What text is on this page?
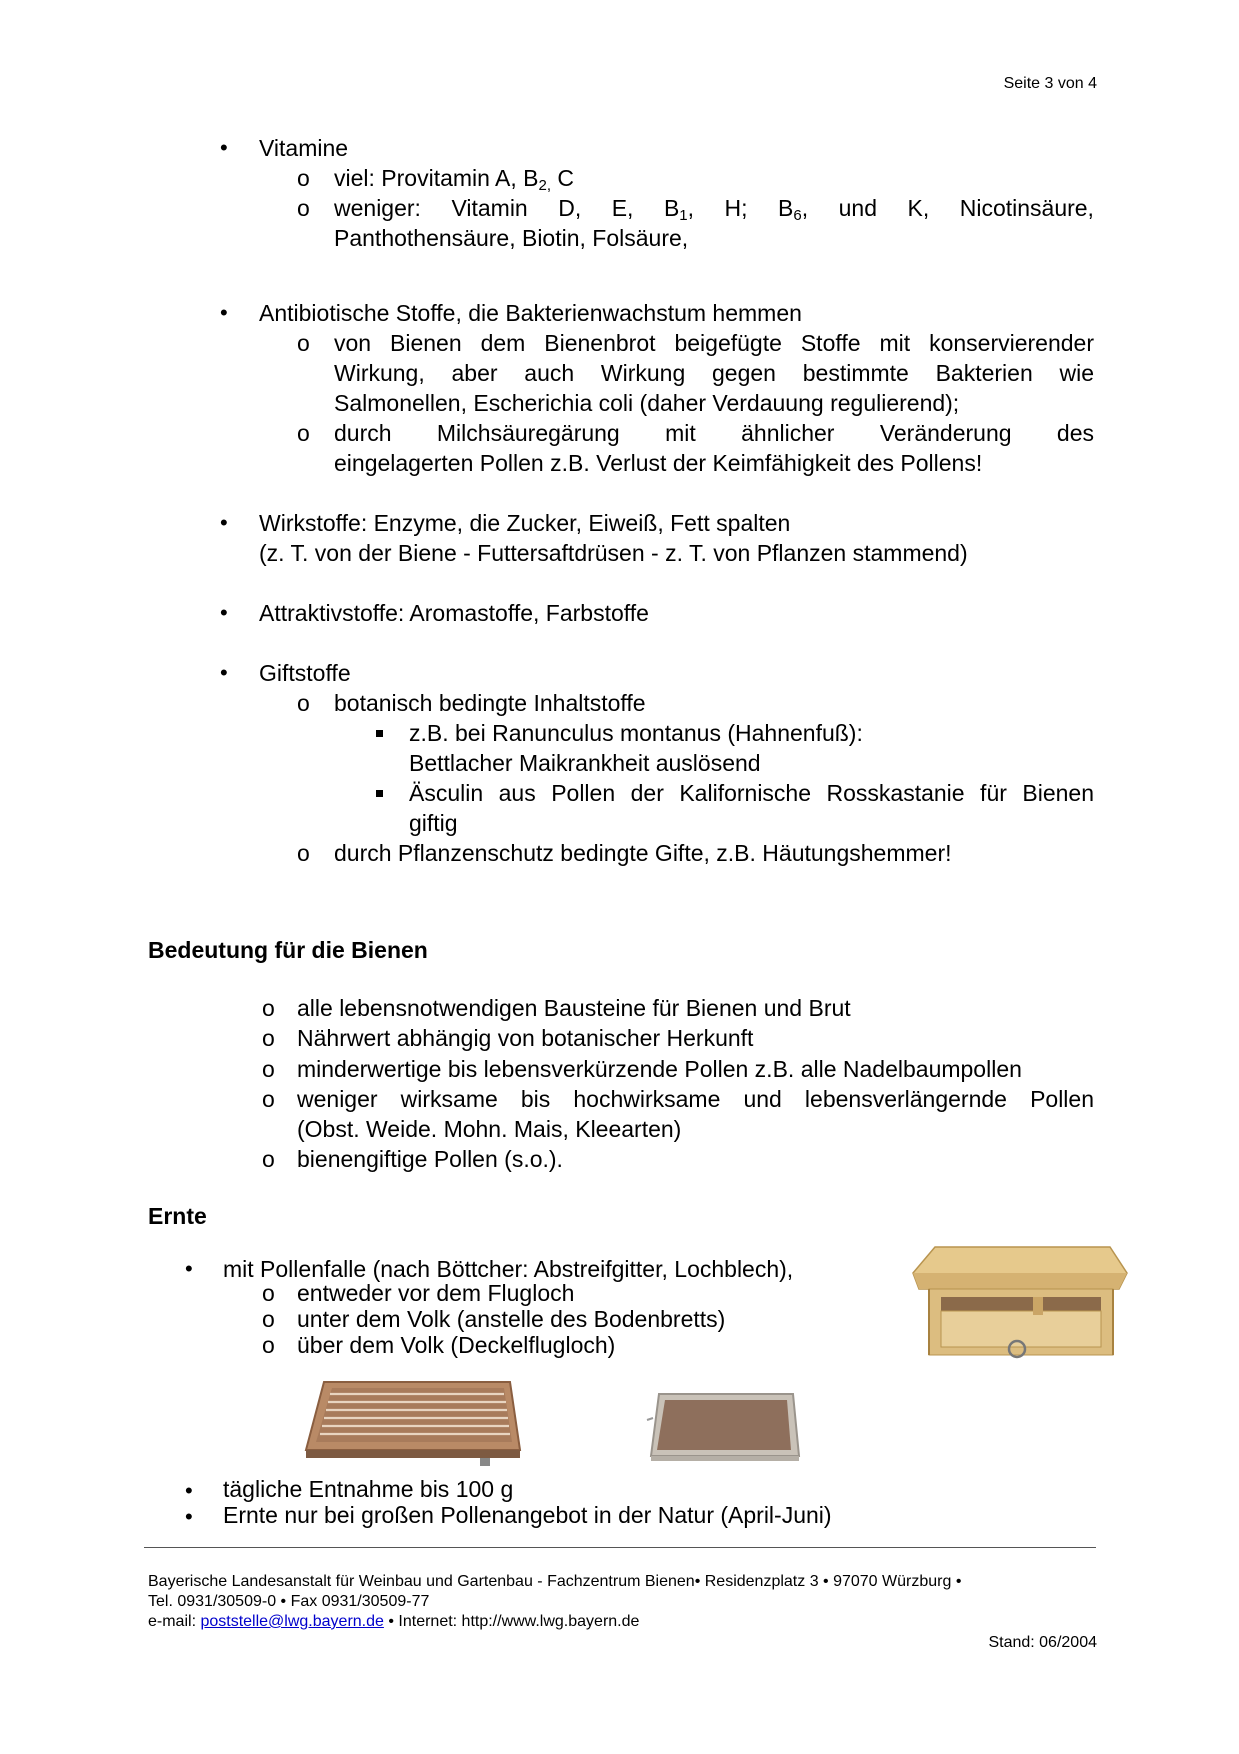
Seite 3 von 4
• Vitamine
o viel: Provitamin A, $B_{2,}$ C
o weniger: Vitamin D, E, $B_1$, H; $B_6$, und K, Nicotinsäure,
Panthothensäure, Biotin, Folsäure,
• Antibiotische Stoffe, die Bakterienwachstum hemmen
o von Bienen dem Bienenbrot beigefügte Stoffe mit konservierender
Wirkung, aber auch Wirkung gegen bestimmte Bakterien wie
Salmonellen, Escherichia coli (daher Verdauung regulierend);
o durch Milchsäuregärung mit ähnlicher Veränderung des
eingelagerten Pollen z.B. Verlust der Keimfähigkeit des Pollens!
• Wirkstoffe: Enzyme, die Zucker, Eiweiß, Fett spalten
(z. T. von der Biene - Futtersaftdrüsen - z. T. von Pflanzen stammend)
• Attraktivstoffe: Aromastoffe, Farbstoffe
• Giftstoffe
o botanisch bedingte Inhaltstoffe
z.B. bei Ranunculus montanus (Hahnenfuß):
Bettlacher Maikrankheit auslösend
Äsculin aus Pollen der Kalifornische Rosskastanie für Bienen
giftig
o durch Pflanzenschutz bedingte Gifte, z.B. Häutungshemmer!
Bedeutung für die Bienen
o alle lebensnotwendigen Bausteine für Bienen und Brut
o Nährwert abhängig von botanischer Herkunft
o minderwertige bis lebensverkürzende Pollen z.B. alle Nadelbaumpollen
o weniger wirksame bis hochwirksame und lebensverlängernde Pollen
(Obst. Weide. Mohn. Mais, Kleearten)
o bienengiftige Pollen (s.o.).
Ernte
• mit Pollenfalle (nach Böttcher: Abstreifgitter, Lochblech),
o entweder vor dem Flugloch
o unter dem Volk (anstelle des Bodenbretts)
o über dem Volk (Deckelflugloch)
• tägliche Entnahme bis 100 g
• Ernte nur bei großen Pollenangebot in der Natur (April-Juni)
Bayerische Landesanstalt für Weinbau und Gartenbau - Fachzentrum Bienen• Residenzplatz 3 • 97070 Würzburg •
Tel. 0931/30509-0 • Fax 0931/30509-77
e-mail: poststelle@lwg.bayern.de • Internet: http://www.lwg.bayern.de
Stand: 06/2004
